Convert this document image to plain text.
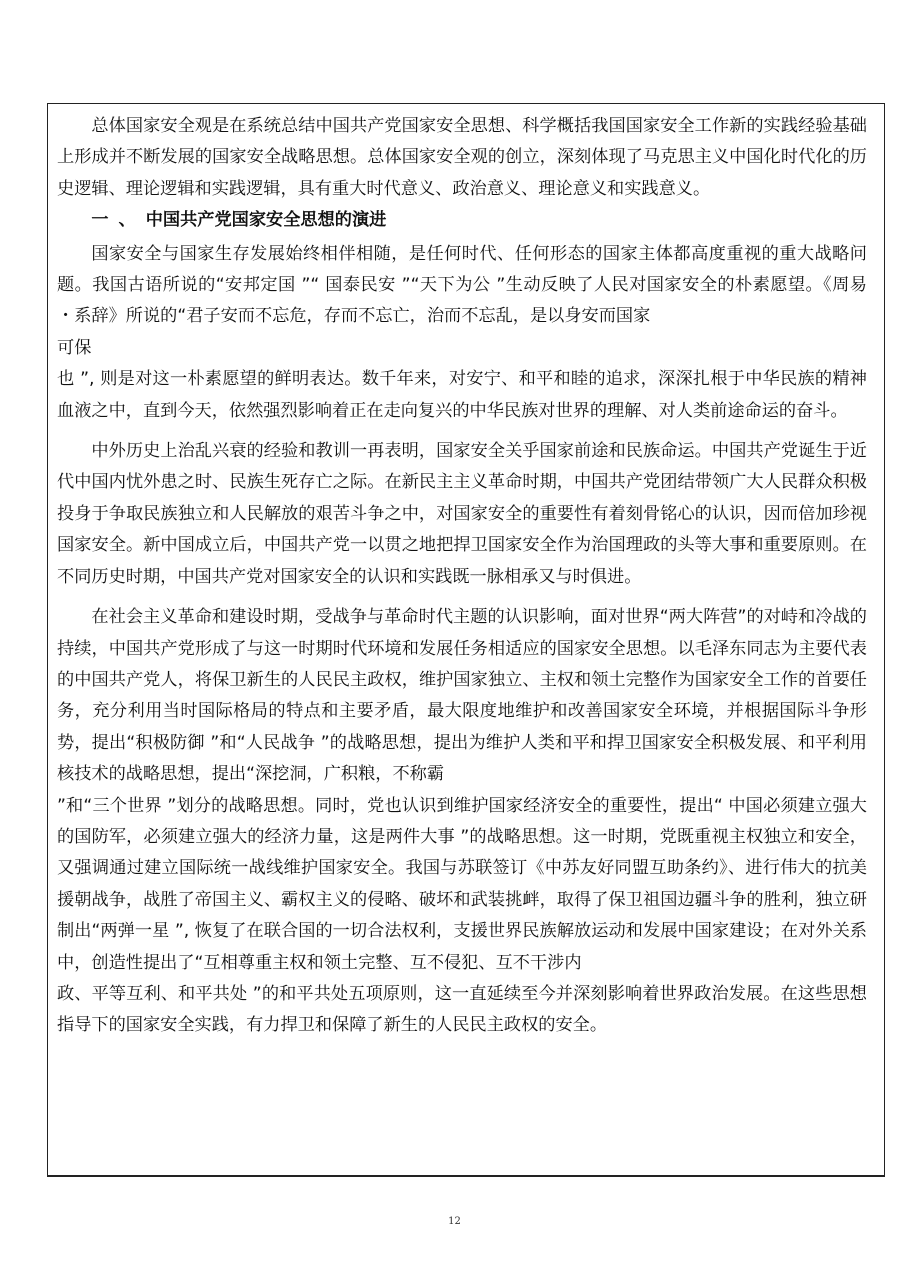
总体国家安全观是在系统总结中国共产党国家安全思想、科学概括我国国家安全工作新的实践经验基础上形成并不断发展的国家安全战略思想。总体国家安全观的创立，深刻体现了马克思主义中国化时代化的历史逻辑、理论逻辑和实践逻辑，具有重大时代意义、政治意义、理论意义和实践意义。

一 、 中国共产党国家安全思想的演进

国家安全与国家生存发展始终相伴相随，是任何时代、任何形态的国家主体都高度重视的重大战略问题。我国古语所说的“安邦定国 ”“ 国泰民安 ”“天下为公 ”生动反映了人民对国家安全的朴素愿望。《周易 ・系辞》所说的“君子安而不忘危，存而不忘亡，治而不忘乱，是以身安而国家

可保

也 ”, 则是对这一朴素愿望的鲜明表达。数千年来，对安宁、和平和睦的追求，深深扎根于中华民族的精神血液之中，直到今天，依然强烈影响着正在走向复兴的中华民族对世界的理解、对人类前途命运的奋斗。

中外历史上治乱兴衰的经验和教训一再表明，国家安全关乎国家前途和民族命运。中国共产党诞生于近代中国内忧外患之时、民族生死存亡之际。在新民主主义革命时期，中国共产党团结带领广大人民群众积极投身于争取民族独立和人民解放的艰苦斗争之中，对国家安全的重要性有着刻骨铭心的认识，因而倍加珍视国家安全。新中国成立后，中国共产党一以贯之地把捍卫国家安全作为治国理政的头等大事和重要原则。在不同历史时期，中国共产党对国家安全的认识和实践既一脉相承又与时俱进。

在社会主义革命和建设时期，受战争与革命时代主题的认识影响，面对世界“两大阵营”的对峙和冷战的持续，中国共产党形成了与这一时期时代环境和发展任务相适应的国家安全思想。以毛泽东同志为主要代表的中国共产党人，将保卫新生的人民民主政权，维护国家独立、主权和领土完整作为国家安全工作的首要任务，充分利用当时国际格局的特点和主要矛盾，最大限度地维护和改善国家安全环境，并根据国际斗争形势，提出“积极防御 ”和“人民战争 ”的战略思想，提出为维护人类和平和捍卫国家安全积极发展、和平利用核技术的战略思想，提出“深挖洞，广积粮，不称霸

”和“三个世界 ”划分的战略思想。同时，党也认识到维护国家经济安全的重要性，提出“ 中国必须建立强大的国防军，必须建立强大的经济力量，这是两件大事 ”的战略思想。这一时期，党既重视主权独立和安全，又强调通过建立国际统一战线维护国家安全。我国与苏联签订《中苏友好同盟互助条约》、进行伟大的抗美援朝战争，战胜了帝国主义、霸权主义的侵略、破坏和武装挑衅，取得了保卫祖国边疆斗争的胜利，独立研制出“两弹一星 ”, 恢复了在联合国的一切合法权利，支援世界民族解放运动和发展中国家建设；在对外关系中，创造性提出了“互相尊重主权和领土完整、互不侵犯、互不干涉内

政、平等互利、和平共处 ”的和平共处五项原则，这一直延续至今并深刻影响着世界政治发展。在这些思想指导下的国家安全实践，有力捍卫和保障了新生的人民民主政权的安全。

12
